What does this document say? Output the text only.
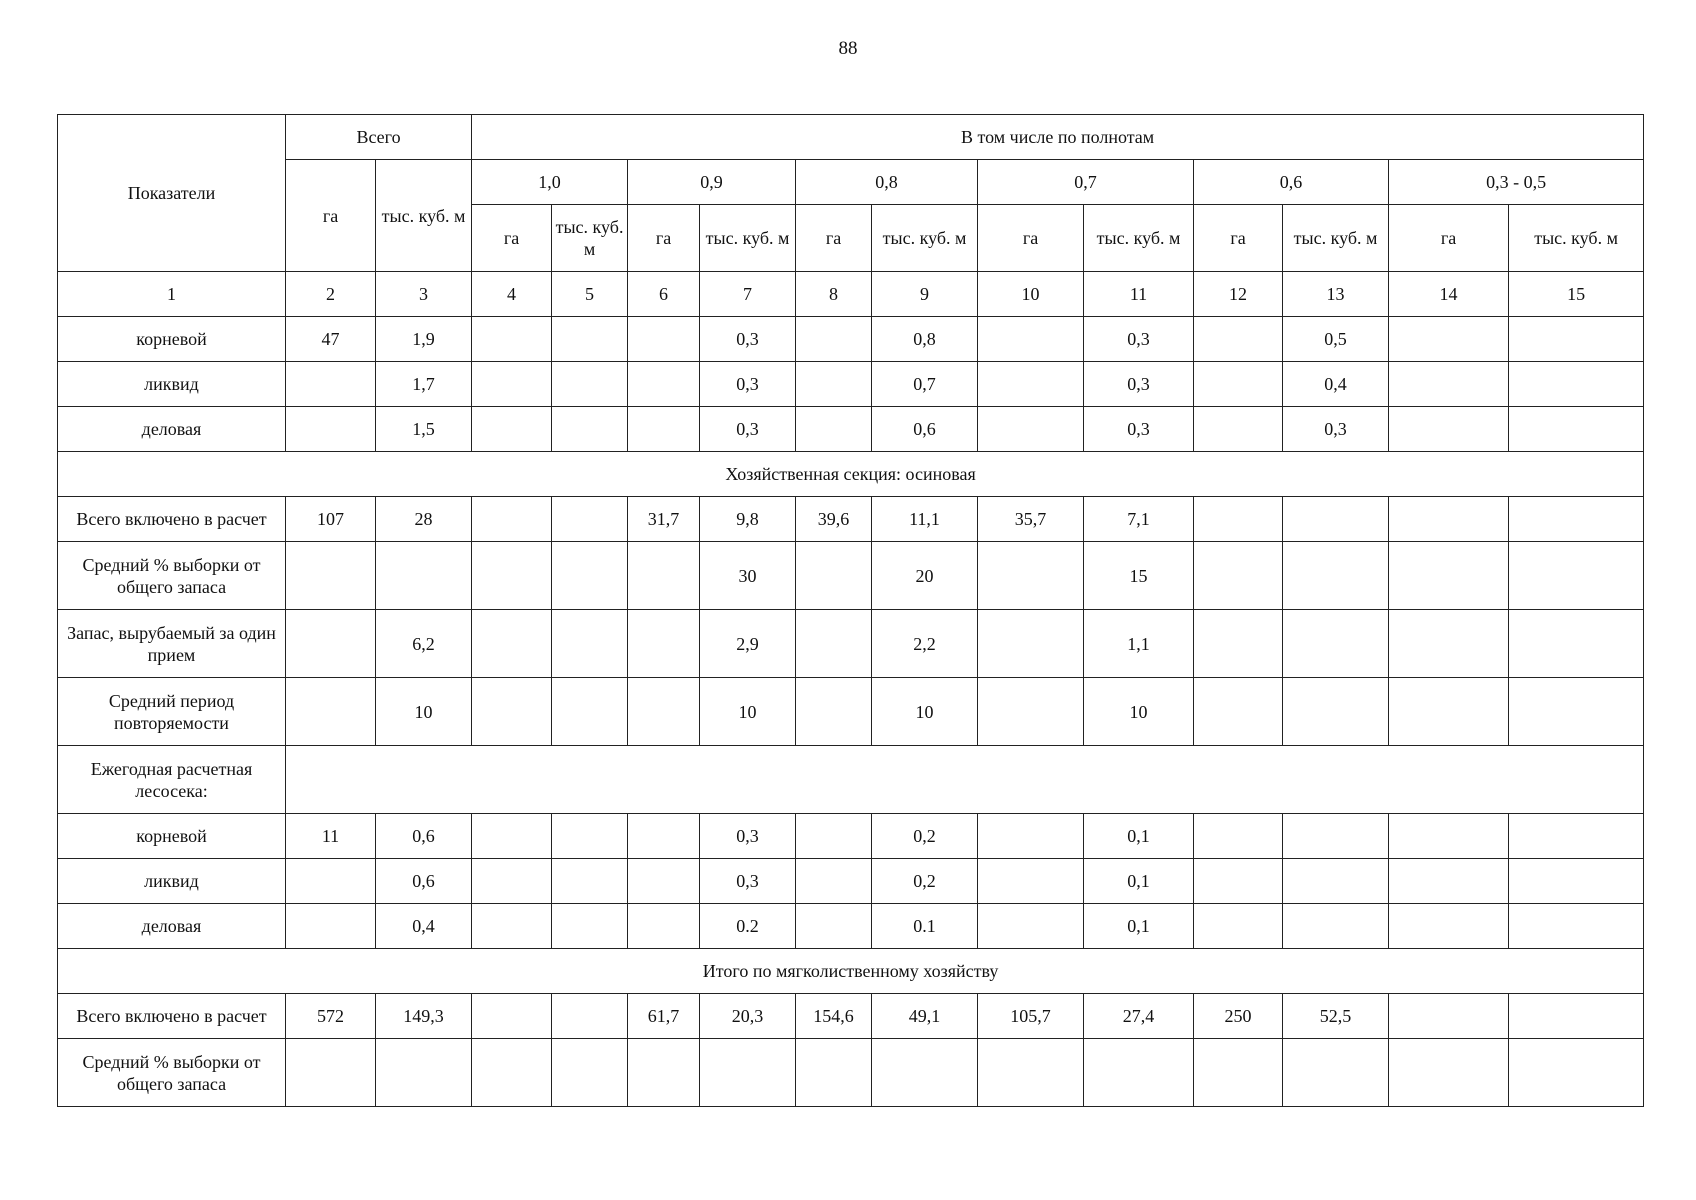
88
Показатели	Всего		В том числе по полнотам											
	га	тыс. куб. м	1,0		0,9		0,8		0,7		0,6		0,3 - 0,5	
			га	тыс. куб. м	га	тыс. куб. м	га	тыс. куб. м	га	тыс. куб. м	га	тыс. куб. м	га	тыс. куб. м
1	2	3	4	5	6	7	8	9	10	11	12	13	14	15
корневой	47	1,9				0,3		0,8		0,3		0,5		
ликвид		1,7				0,3		0,7		0,3		0,4		
деловая		1,5				0,3		0,6		0,3		0,3		
Хозяйственная секция: осиновая														
Всего включено в расчет	107	28			31,7	9,8	39,6	11,1	35,7	7,1				
Средний % выборки от общего запаса						30		20		15				
Запас, вырубаемый за один прием		6,2				2,9		2,2		1,1				
Средний период повторяемости		10				10		10		10				
Ежегодная расчетная лесосека:														
корневой	11	0,6				0,3		0,2		0,1				
ликвид		0,6				0,3		0,2		0,1				
деловая		0,4				0.2		0.1		0,1				
Итого по мягколиственному хозяйству														
Всего включено в расчет	572	149,3			61,7	20,3	154,6	49,1	105,7	27,4	250	52,5		
Средний % выборки от общего запаса														
